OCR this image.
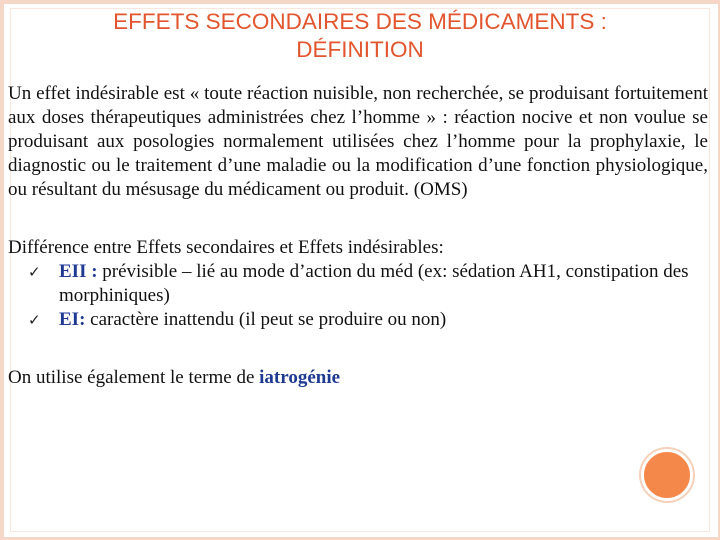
EFFETS SECONDAIRES DES MÉDICAMENTS :
DÉFINITION
Un effet indésirable est « toute réaction nuisible, non recherchée, se produisant fortuitement aux doses thérapeutiques administrées chez l’homme » : réaction nocive et non voulue se produisant aux posologies normalement utilisées chez l’homme pour la prophylaxie, le diagnostic ou le traitement d’une maladie ou la modification d’une fonction physiologique, ou résultant du mésusage du médicament ou produit. (OMS)
Différence entre Effets secondaires et Effets indésirables:
✓ EII : prévisible – lié au mode d’action du méd (ex: sédation AH1, constipation des morphiniques)
✓ EI: caractère inattendu (il peut se produire ou non)
On utilise également le terme de iatrogénie
